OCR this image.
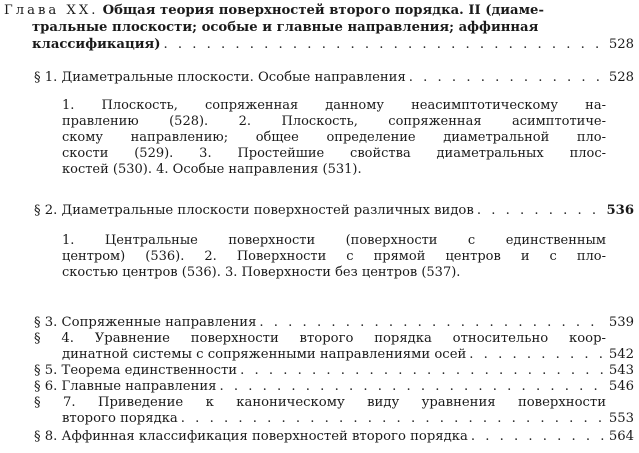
Глава XX. Общая теория поверхностей второго порядка. II (диаме-
тральные плоскости; особые и главные направления; аффинная
классификация) . . .	528
§ 1. Диаметральные плоскости. Особые направления . . .	528
1. Плоскость, сопряженная данному неасимптотическому на-
правлению (528). 2. Плоскость, сопряженная асимптотиче-
скому направлению; общее определение диаметральной пло-
скости (529). 3. Простейшие свойства диаметральных плос-
костей (530). 4. Особые направления (531).
§ 2. Диаметральные плоскости поверхностей различных видов . . .	536
1. Центральные поверхности (поверхности с единственным
центром) (536). 2. Поверхности с прямой центров и с пло-
скостью центров (536). 3. Поверхности без центров (537).
§ 3. Сопряженные направления . . .	539
§ 4. Уравнение поверхности второго порядка относительно коор-
динатной системы с сопряженными направлениями осей . . .	542
§ 5. Теорема единственности . . .	543
§ 6. Главные направления . . .	546
§ 7. Приведение к каноническому виду уравнения поверхности
второго порядка . . .	553
§ 8. Аффинная классификация поверхностей второго порядка . . .	564
